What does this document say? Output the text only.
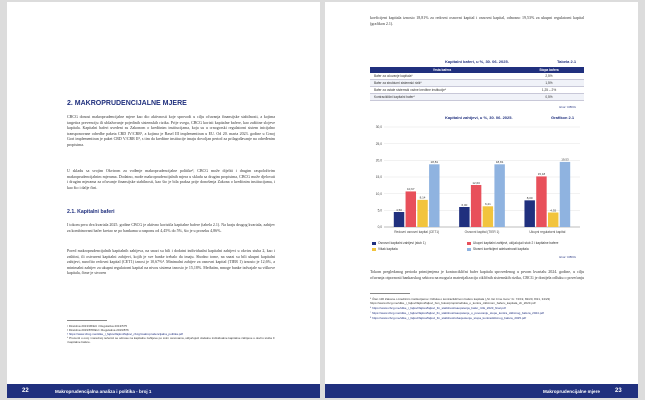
2. MAKROPRUDENCIJALNE MJERE

CBCG donosi makroprudencijalne mjere kao dio aktivnosti koje sprovodi u cilju očuvanja finansijske stabilnosti, a kojima targetira prevenciju ili ublažavanje pojedinih sistemskih rizika. Prije svega, CBCG koristi kapitalne bafere, kao zaštitne slojeve kapitala. Kapitalni baferi uvedeni su Zakonom o kreditnim institucijama, koja su u crnogorski regulatorni sistem inicijalno transponovane odredbe paketa CRD IV/CRR¹, a kojima je Basel III implementiran u EU. Od 20. marta 2023. godine u Crnoj Gori implementiran je paket CRD V/CRR II², s tim da kreditne institucije imaju dovoljan period za prilagođavanje na određenim propisima.

U skladu sa svojim Okvirom za vođenje makroprudencijalne politike³, CBCG može dijeliti i drugim raspoloživim makroprudencijalnim mjerama. Dodatno, može makroprudencijalnih mjera u skladu sa drugim propisima, CBCG može djelovati i drugim mjerama za očuvanje finansijske stabilnosti, kao što je bila praksa prije donošenja Zakona o kreditnim institucijama, i kao što i dalje čini.

2.1. Kapitalni baferi

I tokom prva dva kvartala 2025. godine CBCG je aktivno koristila kapitalne bafere (tabela 2.1). Na kraju drugog kvartala, zahtjev za kombinovani bafer kretao se po bankama u rasponu od 4,45% do 5%, što je u proseku 4,86%.

Pored makroprudencijalnih kapitalnih zahtjeva, na snazi su bili i dodatni individualni kapitalni zahtjevi u okviru stuba 2, kao i zaštitni, ili ostvareni kapitalni zahtjevi, kojih je sve banke trebalo da imaju. Shodno tome, na snazi su bili ukupni kapitalni zahtjevi, naročito redovni kapital (CET1) iznosi je 10,67%⁴. Minimalni zahtjev za osnovni kapital (TIER 1) iznosio je 12,6%, a minimalni zahtjev za ukupni regulatorni kapital na nivou sistema iznosio je 15,18%. Međutim, mnoge banke izdvajale su viškove kapitala, čime je stvoren

¹ Direktiva 2013/36/EU i Regulativa 2013/575
² Direktiva 2019/878/EU i Regulativa 2019/876
³ https://www.cbcg.me/slike_i_fajlovi/fajlovi/fajlovi_cbcg/makroprudencijalna_politika.pdf
⁴ Procenti u ovoj i narednoj rečenici se odnose na kapitalne zahtjeve po svim osnovama, uključujući dodatne individualne kapitalne zahtjeve u okviru stuba II i kapitalne bafere.
22	Makroprudencijalna analiza i politika - broj 1

koeficijent kapitala iznosio 18,81% za redovni osnovni kapital i osnovni kapital, odnosno 19,53% za ukupni regulatorni kapital (grafikon 2.1).

Kapitalni baferi, u %, 30. 06. 2025.	Tabela 2.1
Vrsta bafera	Stopa bafera
Bafer za očuvanje kapitala*	2,5%
Bafer za strukturni sistemski rizik*	1,5%
Bafer za ostale sistemski važne kreditne institucije*	1,25 – 2%
Kontraciklični kapitalni bafer*	0,5%
Izvor: CBCG
Kapitalni zahtjevi, u %, 30. 06. 2025.	Grafikon 2.1
0,0
5,0
10,0
15,0
20,0
25,0
30,0
4,50
10,67
8,14
18,81
Redovni osnovni kapital (CET1)
6,00
12,60
6,21
18,81
Osnovni kapital (TIER 1)
8,00
15,18
4,35
19,53
Ukupni regulatorni kapital
Osnovni kapitalni zahtjevi (stub 1)	Ukupni kapitalni zahtjevi, uključujući stub 2 i kapitalne bafere
Višak kapitala	Stvarni koeficijent adekvatnosti kapitala
Izvor: CBCG

Tokom pregledanog perioda primijenjena je kontraciklični bafer kapitala sprovedenog u prvom kvartalu 2024. godine, u cilju očuvanja otpornosti bankarskog sektora na moguća materijalizacija cikličnih sistemskih rizika, CBCG je donijela odluku o povećanju

⁵ Član 130 Zakona o kreditnim institucijama i Odluka o kontracikličnom baferu kapitala („Sl. list Crne Gore“ br. 72/19, 82/20, 8/21, 34/23) https://www.cbcg.me/slike_i_fajlovi/fajlovi/fajlovi_bsn_fokus/propisi/odluka_o_kontra_ciklicnom_baferu_kapitala_cb_2023.pdf
⁶ https://www.cbcg.me/slike_i_fajlovi/fajlovi/fajlovi_fin_stabilnost/saopstenja_bafer_rizik_2023_final.pdf
⁷ https://www.cbcg.me/slike_i_fajlovi/fajlovi/fajlovi_fin_stabilnost/saopstenje_o_povecanju_stope_kontra_ciklicnog_bafera_2024.pdf
⁸ https://www.cbcg.me/slike_i_fajlovi/fajlovi/fajlovi_fin_stabilnost/obavjestenje_stopa_kontraciklicnog_bafera_2025.pdf
Makroprudencijalne mjere	23
